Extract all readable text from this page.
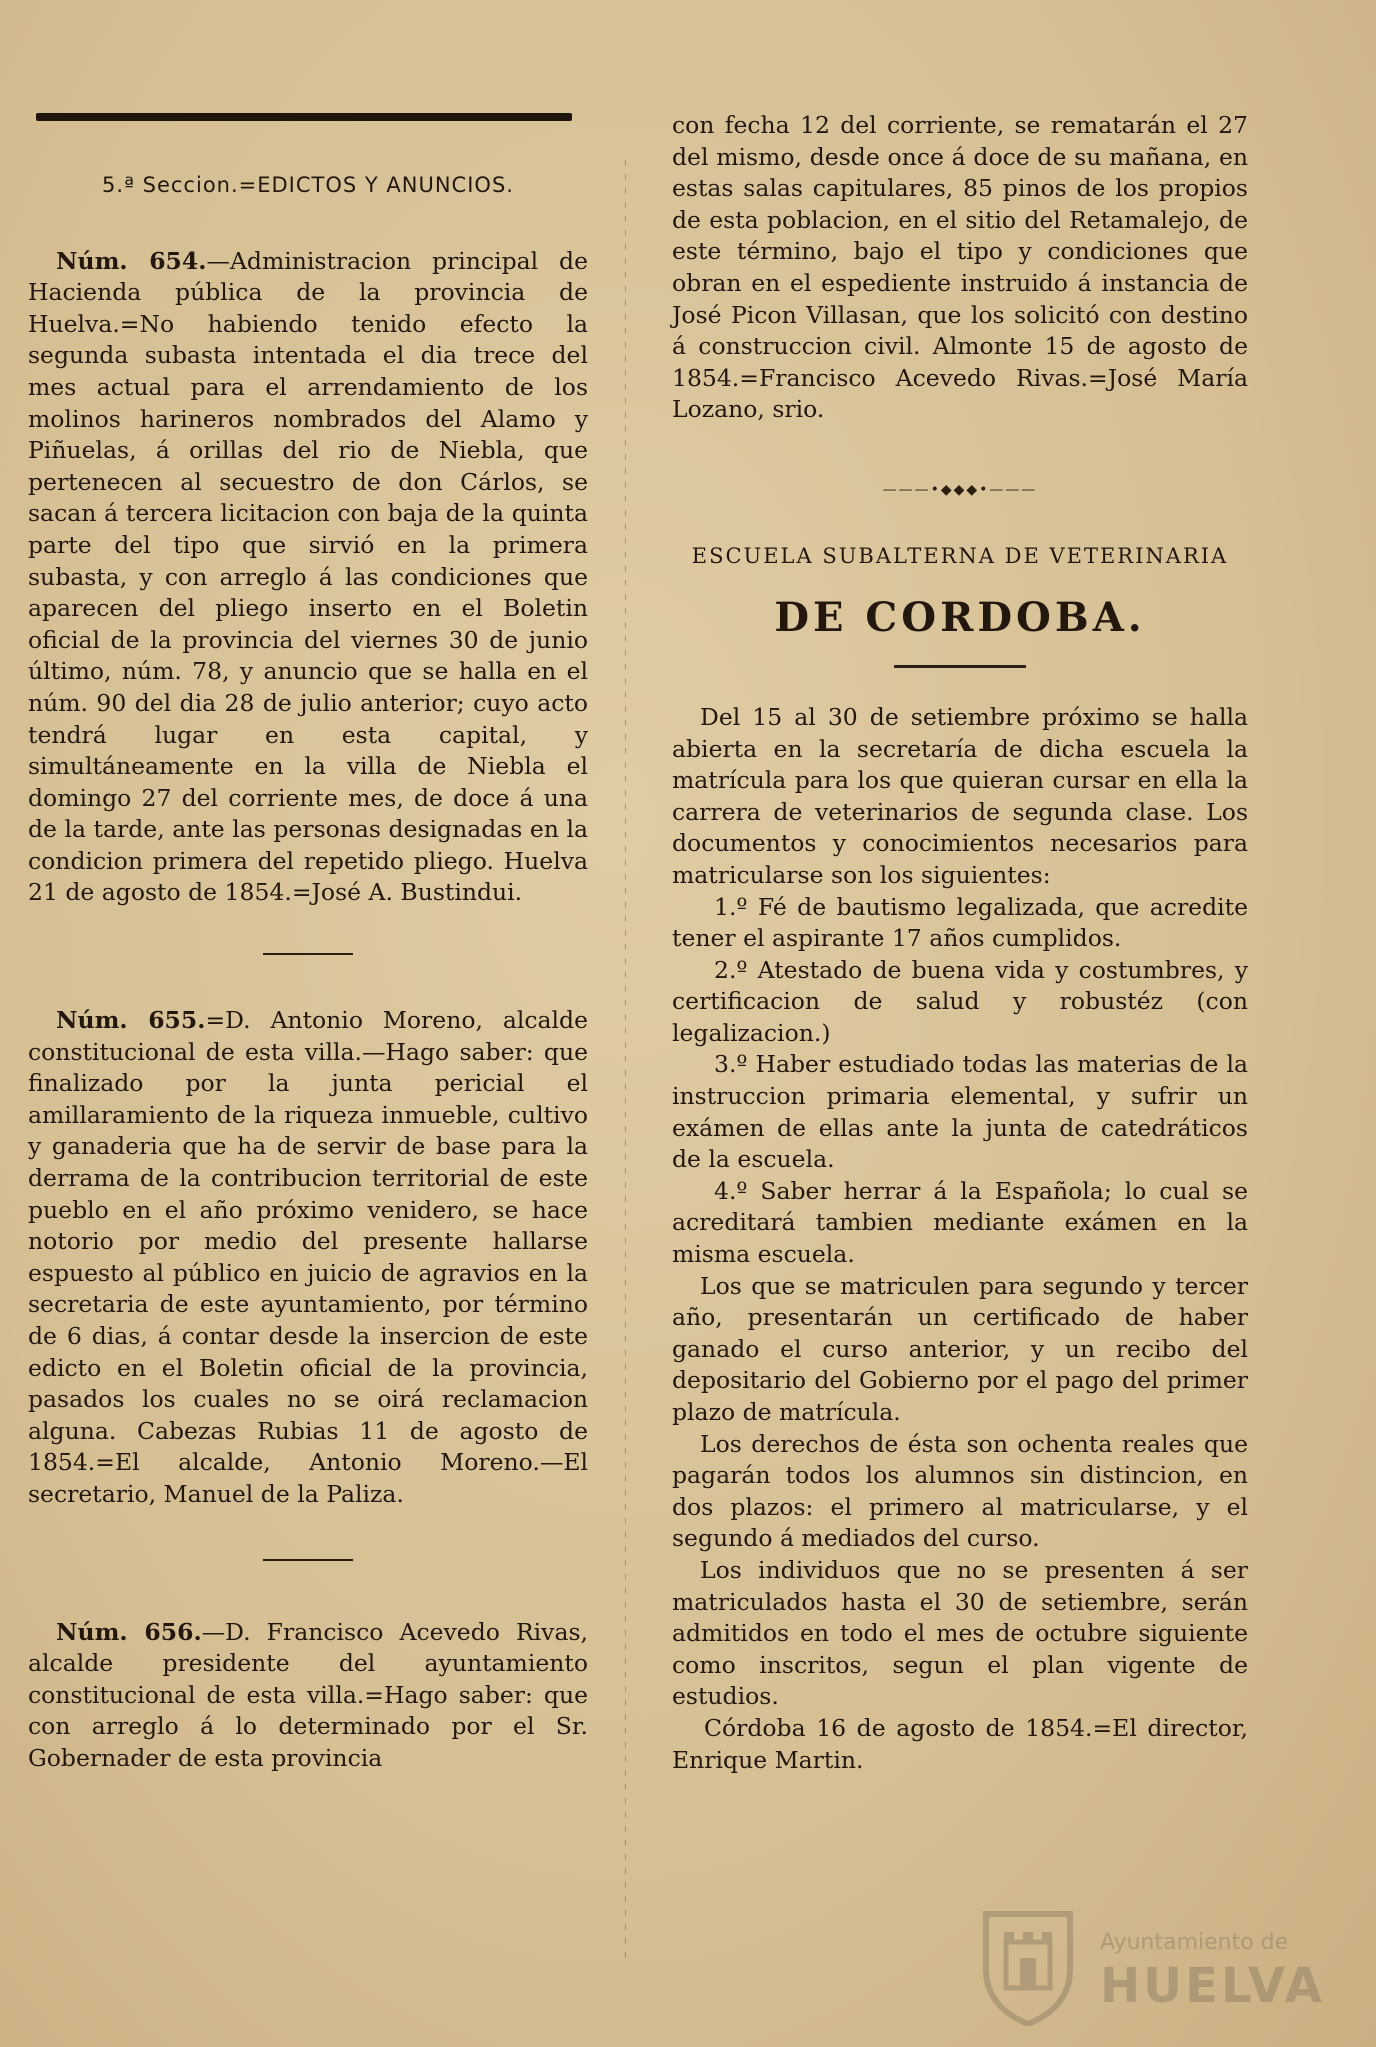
5.ª Seccion.=EDICTOS Y ANUNCIOS.

Núm. 654.—Administracion principal de Hacienda pública de la provincia de Huelva.=No habiendo tenido efecto la segunda subasta intentada el dia trece del mes actual para el arrendamiento de los molinos harineros nombrados del Alamo y Piñuelas, á orillas del rio de Niebla, que pertenecen al secuestro de don Cárlos, se sacan á tercera licitacion con baja de la quinta parte del tipo que sirvió en la primera subasta, y con arreglo á las condiciones que aparecen del pliego inserto en el Boletin oficial de la provincia del viernes 30 de junio último, núm. 78, y anuncio que se halla en el núm. 90 del dia 28 de julio anterior; cuyo acto tendrá lugar en esta capital, y simultáneamente en la villa de Niebla el domingo 27 del corriente mes, de doce á una de la tarde, ante las personas designadas en la condicion primera del repetido pliego. Huelva 21 de agosto de 1854.=José A. Bustindui.

Núm. 655.=D. Antonio Moreno, alcalde constitucional de esta villa.—Hago saber: que finalizado por la junta pericial el amillaramiento de la riqueza inmueble, cultivo y ganaderia que ha de servir de base para la derrama de la contribucion territorial de este pueblo en el año próximo venidero, se hace notorio por medio del presente hallarse espuesto al público en juicio de agravios en la secretaria de este ayuntamiento, por término de 6 dias, á contar desde la insercion de este edicto en el Boletin oficial de la provincia, pasados los cuales no se oirá reclamacion alguna. Cabezas Rubias 11 de agosto de 1854.=El alcalde, Antonio Moreno.—El secretario, Manuel de la Paliza.

Núm. 656.—D. Francisco Acevedo Rivas, alcalde presidente del ayuntamiento constitucional de esta villa.=Hago saber: que con arreglo á lo determinado por el Sr. Gobernader de esta provincia

con fecha 12 del corriente, se rematarán el 27 del mismo, desde once á doce de su mañana, en estas salas capitulares, 85 pinos de los propios de esta poblacion, en el sitio del Retamalejo, de este término, bajo el tipo y condiciones que obran en el espediente instruido á instancia de José Picon Villasan, que los solicitó con destino á construccion civil. Almonte 15 de agosto de 1854.=Francisco Acevedo Rivas.=José María Lozano, srio.

———•◆◆◆•———
ESCUELA SUBALTERNA DE VETERINARIA
DE CORDOBA.

Del 15 al 30 de setiembre próximo se halla abierta en la secretaría de dicha escuela la matrícula para los que quieran cursar en ella la carrera de veterinarios de segunda clase. Los documentos y conocimientos necesarios para matricularse son los siguientes:

1.º Fé de bautismo legalizada, que acredite tener el aspirante 17 años cumplidos.

2.º Atestado de buena vida y costumbres, y certificacion de salud y robustéz (con legalizacion.)

3.º Haber estudiado todas las materias de la instruccion primaria elemental, y sufrir un exámen de ellas ante la junta de catedráticos de la escuela.

4.º Saber herrar á la Española; lo cual se acreditará tambien mediante exámen en la misma escuela.

Los que se matriculen para segundo y tercer año, presentarán un certificado de haber ganado el curso anterior, y un recibo del depositario del Gobierno por el pago del primer plazo de matrícula.

Los derechos de ésta son ochenta reales que pagarán todos los alumnos sin distincion, en dos plazos: el primero al matricularse, y el segundo á mediados del curso.

Los individuos que no se presenten á ser matriculados hasta el 30 de setiembre, serán admitidos en todo el mes de octubre siguiente como inscritos, segun el plan vigente de estudios.

Córdoba 16 de agosto de 1854.=El director, Enrique Martin.

Ayuntamiento de
HUELVA
